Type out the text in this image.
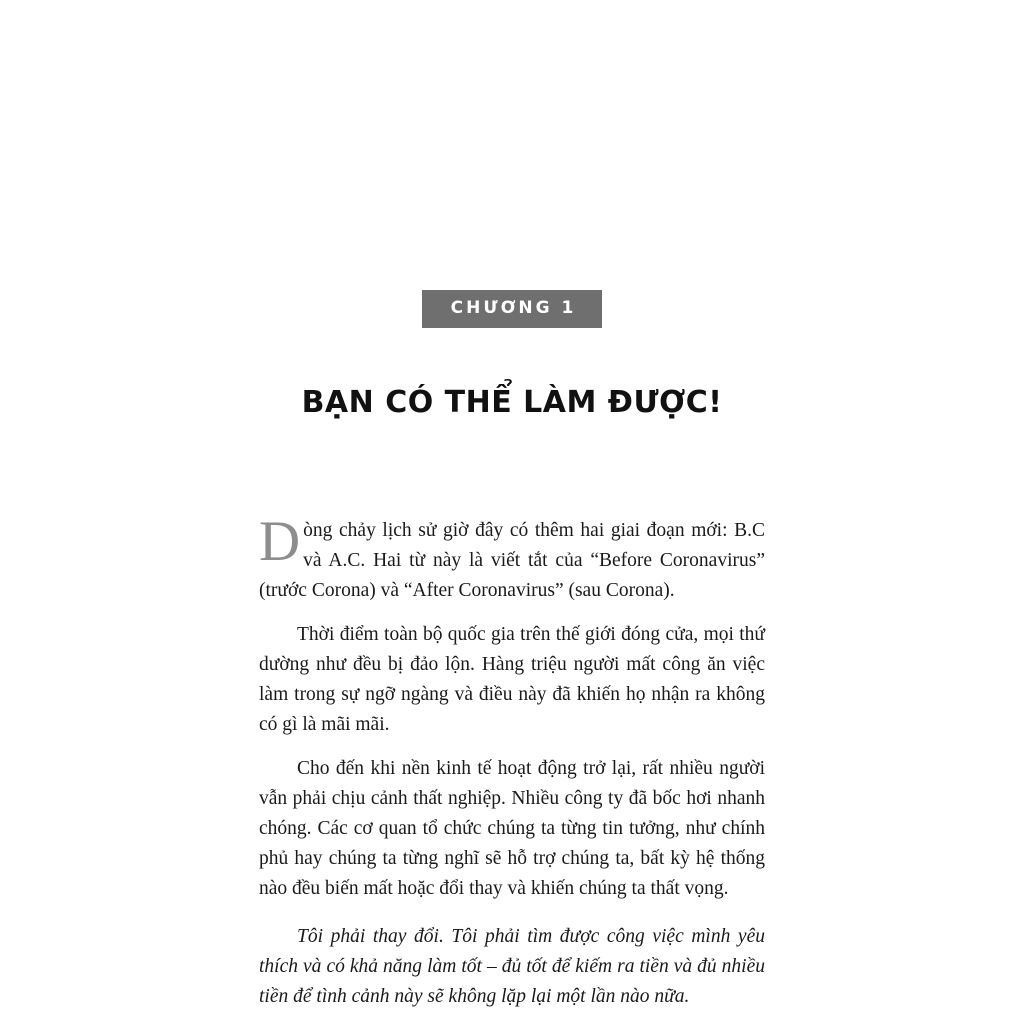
CHƯƠNG 1
BẠN CÓ THỂ LÀM ĐƯỢC!

Dòng chảy lịch sử giờ đây có thêm hai giai đoạn mới: B.C và A.C. Hai từ này là viết tắt của “Before Coronavirus” (trước Corona) và “After Coronavirus” (sau Corona).

Thời điểm toàn bộ quốc gia trên thế giới đóng cửa, mọi thứ dường như đều bị đảo lộn. Hàng triệu người mất công ăn việc làm trong sự ngỡ ngàng và điều này đã khiến họ nhận ra không có gì là mãi mãi.

Cho đến khi nền kinh tế hoạt động trở lại, rất nhiều người vẫn phải chịu cảnh thất nghiệp. Nhiều công ty đã bốc hơi nhanh chóng. Các cơ quan tổ chức chúng ta từng tin tưởng, như chính phủ hay chúng ta từng nghĩ sẽ hỗ trợ chúng ta, bất kỳ hệ thống nào đều biến mất hoặc đổi thay và khiến chúng ta thất vọng.

Tôi phải thay đổi. Tôi phải tìm được công việc mình yêu thích và có khả năng làm tốt – đủ tốt để kiếm ra tiền và đủ nhiều tiền để tình cảnh này sẽ không lặp lại một lần nào nữa.
